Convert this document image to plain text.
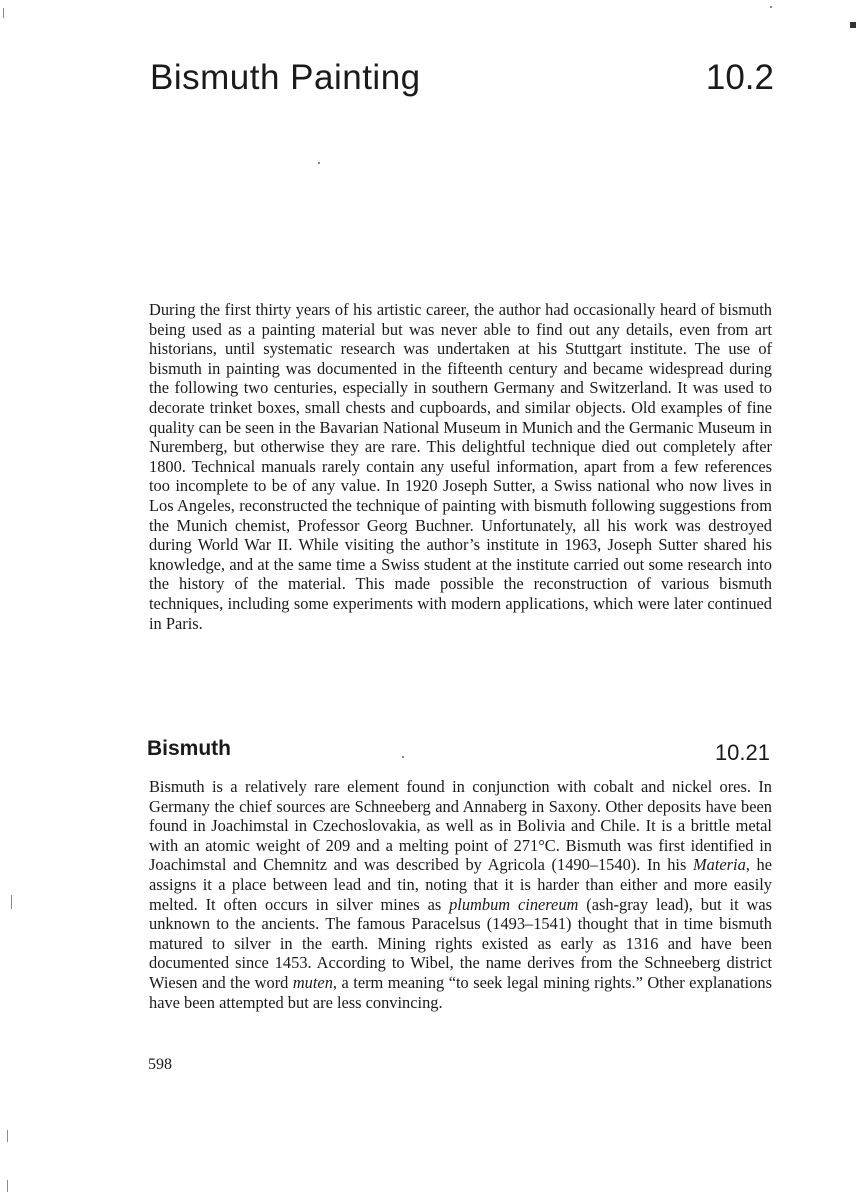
Bismuth Painting	10.2

During the first thirty years of his artistic career, the author had occasionally heard of bismuth being used as a painting material but was never able to find out any details, even from art historians, until systematic research was undertaken at his Stuttgart institute. The use of bismuth in painting was documented in the fifteenth century and became widespread during the following two centuries, especially in southern Germany and Switzerland. It was used to decorate trinket boxes, small chests and cupboards, and similar objects. Old examples of fine quality can be seen in the Bavarian National Museum in Munich and the Germanic Museum in Nuremberg, but otherwise they are rare. This delightful technique died out completely after 1800. Technical manuals rarely contain any useful information, apart from a few references too incomplete to be of any value. In 1920 Joseph Sutter, a Swiss national who now lives in Los Angeles, reconstructed the technique of painting with bismuth following suggestions from the Munich chemist, Professor Georg Buchner. Unfortunately, all his work was destroyed during World War II. While visiting the author’s institute in 1963, Joseph Sutter shared his knowledge, and at the same time a Swiss student at the institute carried out some research into the history of the material. This made possible the reconstruction of various bismuth techniques, including some experiments with modern applications, which were later continued in Paris.

Bismuth	10.21

Bismuth is a relatively rare element found in conjunction with cobalt and nickel ores. In Germany the chief sources are Schneeberg and Annaberg in Saxony. Other deposits have been found in Joachimstal in Czechoslovakia, as well as in Bolivia and Chile. It is a brittle metal with an atomic weight of 209 and a melting point of 271°C. Bismuth was first identified in Joachimstal and Chemnitz and was described by Agricola (1490–1540). In his Materia, he assigns it a place between lead and tin, noting that it is harder than either and more easily melted. It often occurs in silver mines as plumbum cinereum (ash-gray lead), but it was unknown to the ancients. The famous Paracelsus (1493–1541) thought that in time bismuth matured to silver in the earth. Mining rights existed as early as 1316 and have been documented since 1453. According to Wibel, the name derives from the Schneeberg district Wiesen and the word muten, a term meaning “to seek legal mining rights.” Other explanations have been attempted but are less convincing.

598
